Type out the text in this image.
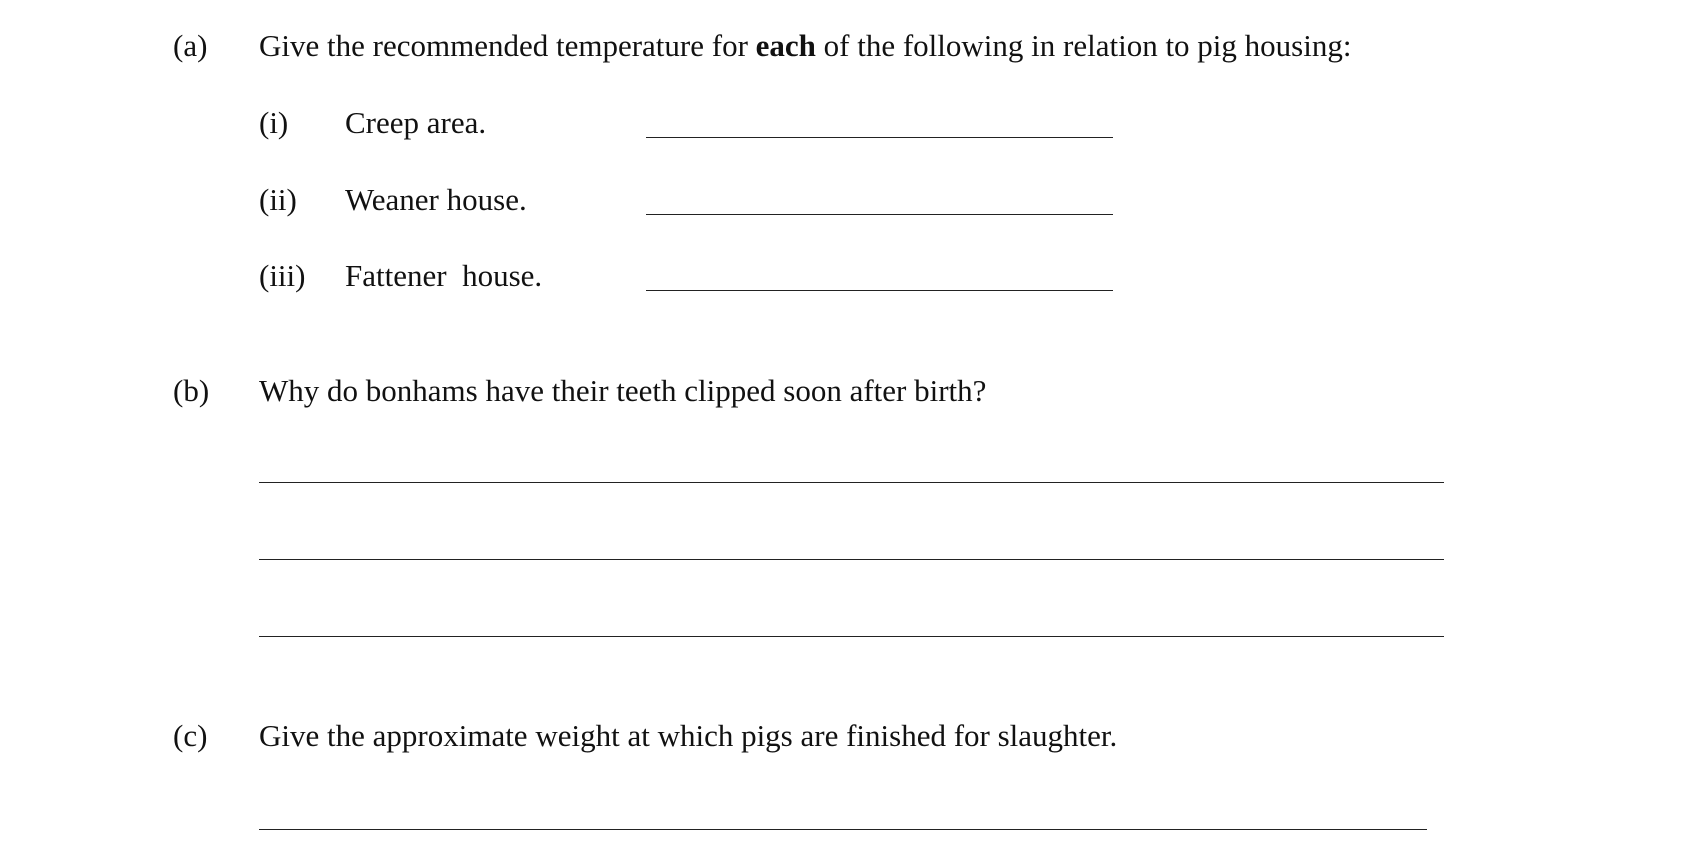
(a) Give the recommended temperature for each of the following in relation to pig housing:
(i) Creep area.
(ii) Weaner house.
(iii) Fattener  house.
(b) Why do bonhams have their teeth clipped soon after birth?
(c) Give the approximate weight at which pigs are finished for slaughter.
